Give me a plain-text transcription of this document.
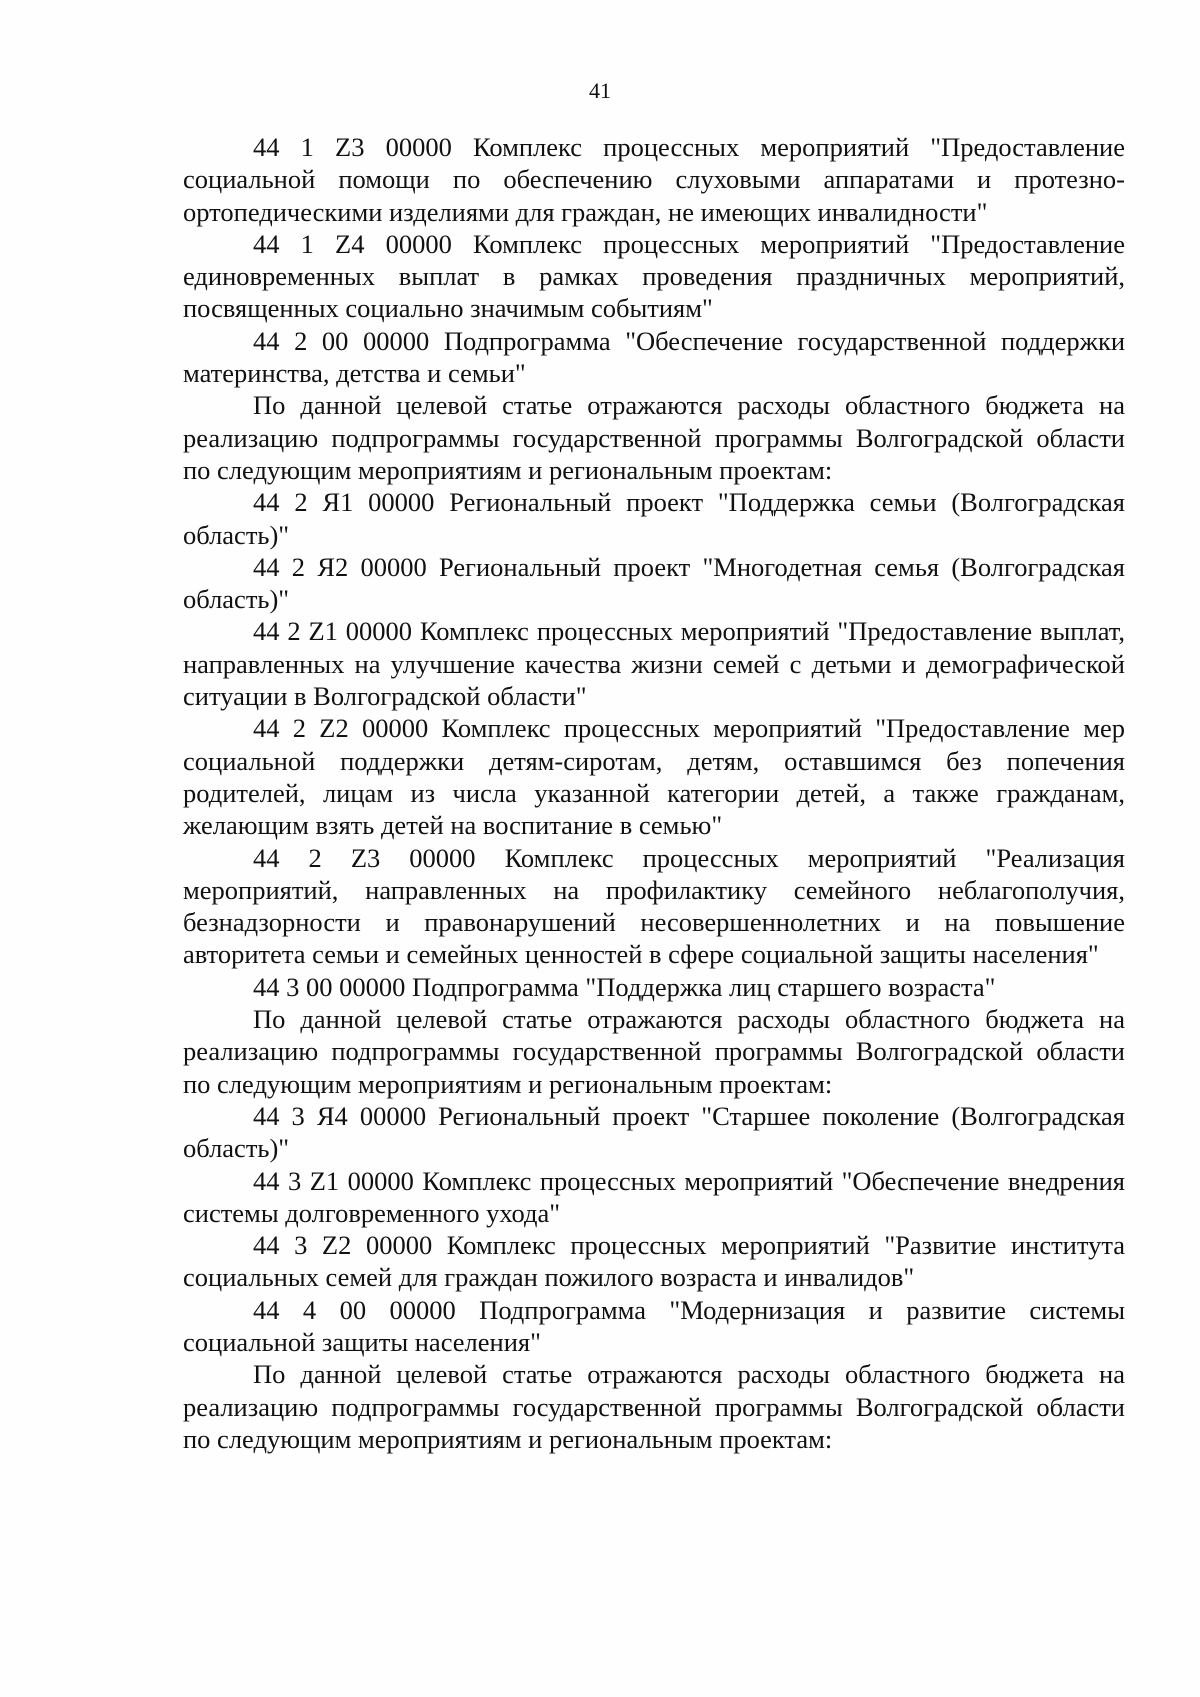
41

44 1 Z3 00000 Комплекс процессных мероприятий "Предоставление социальной помощи по обеспечению слуховыми аппаратами и протезно-ортопедическими изделиями для граждан, не имеющих инвалидности"

44 1 Z4 00000 Комплекс процессных мероприятий "Предоставление единовременных выплат в рамках проведения праздничных мероприятий, посвященных социально значимым событиям"

44 2 00 00000 Подпрограмма "Обеспечение государственной поддержки материнства, детства и семьи"

По данной целевой статье отражаются расходы областного бюджета на реализацию подпрограммы государственной программы Волгоградской области по следующим мероприятиям и региональным проектам:

44 2 Я1 00000 Региональный проект "Поддержка семьи (Волгоградская область)"

44 2 Я2 00000 Региональный проект "Многодетная семья (Волгоградская область)"

44 2 Z1 00000 Комплекс процессных мероприятий "Предоставление выплат, направленных на улучшение качества жизни семей с детьми и демографической ситуации в Волгоградской области"

44 2 Z2 00000 Комплекс процессных мероприятий "Предоставление мер социальной поддержки детям-сиротам, детям, оставшимся без попечения родителей, лицам из числа указанной категории детей, а также гражданам, желающим взять детей на воспитание в семью"

44 2 Z3 00000 Комплекс процессных мероприятий "Реализация мероприятий, направленных на профилактику семейного неблагополучия, безнадзорности и правонарушений несовершеннолетних и на повышение авторитета семьи и семейных ценностей в сфере социальной защиты населения"

44 3 00 00000 Подпрограмма "Поддержка лиц старшего возраста"

По данной целевой статье отражаются расходы областного бюджета на реализацию подпрограммы государственной программы Волгоградской области по следующим мероприятиям и региональным проектам:

44 3 Я4 00000 Региональный проект "Старшее поколение (Волгоградская область)"

44 3 Z1 00000 Комплекс процессных мероприятий "Обеспечение внедрения системы долговременного ухода"

44 3 Z2 00000 Комплекс процессных мероприятий "Развитие института социальных семей для граждан пожилого возраста и инвалидов"

44 4 00 00000 Подпрограмма "Модернизация и развитие системы социальной защиты населения"

По данной целевой статье отражаются расходы областного бюджета на реализацию подпрограммы государственной программы Волгоградской области по следующим мероприятиям и региональным проектам:
